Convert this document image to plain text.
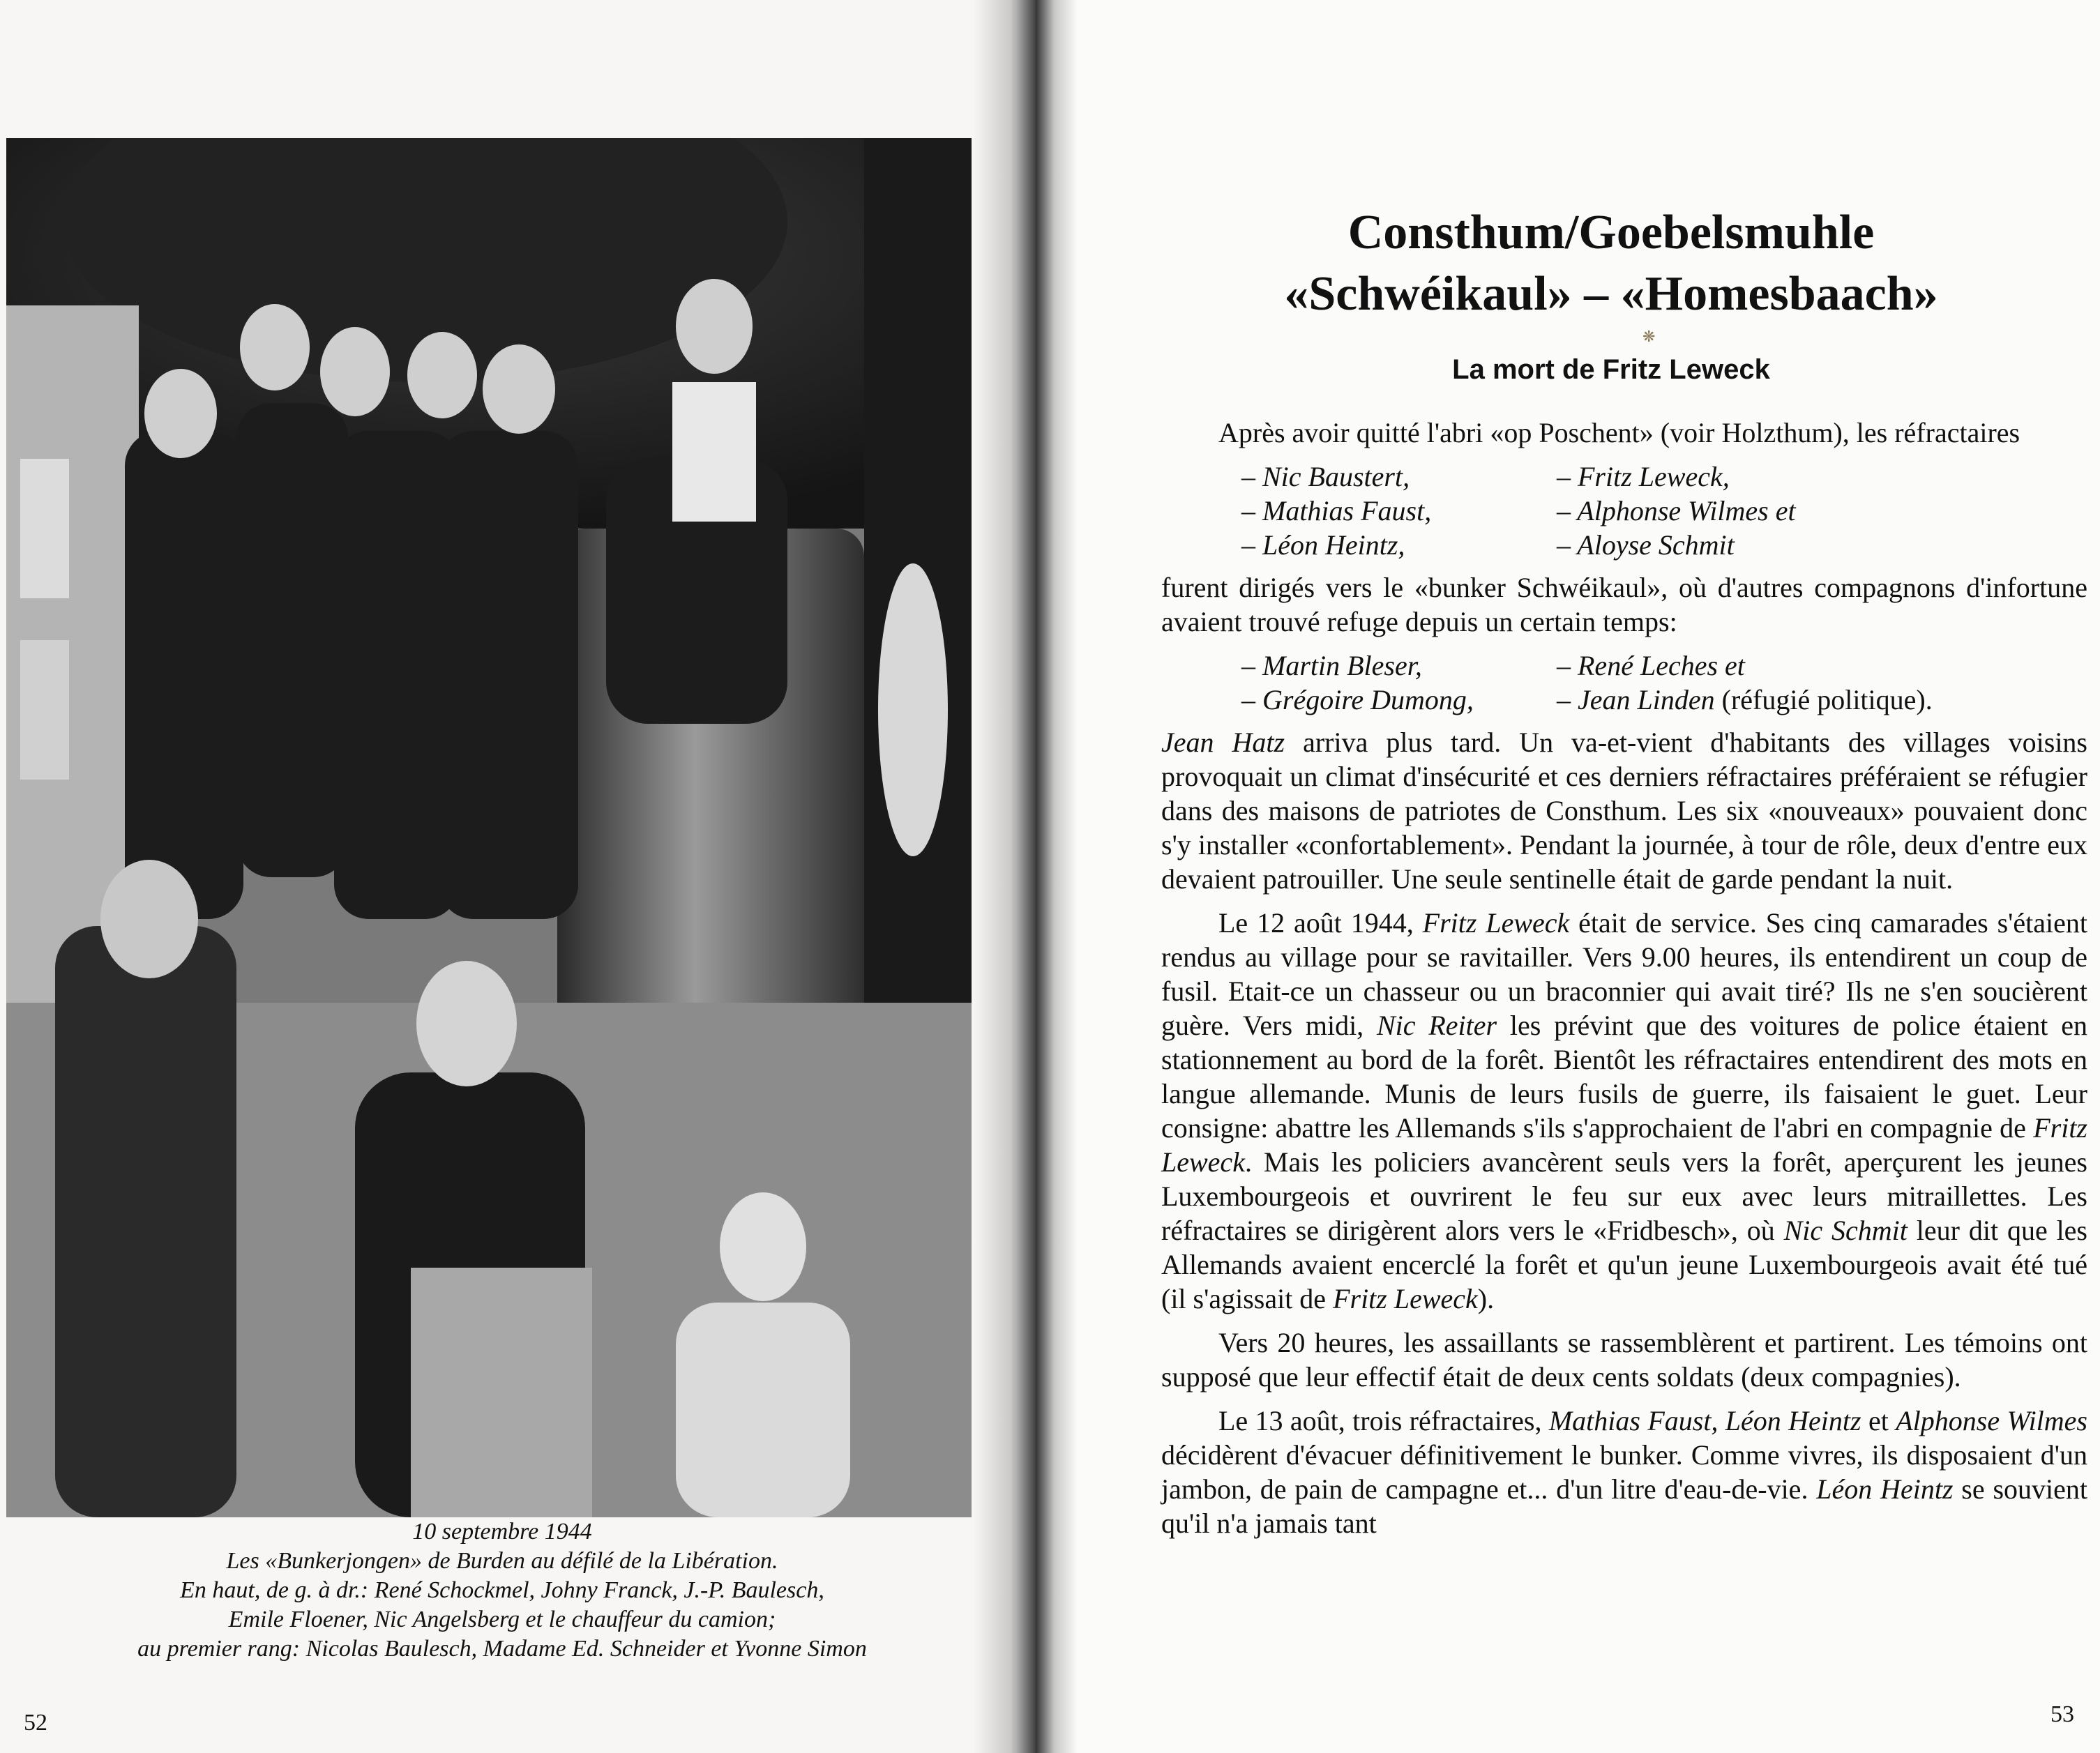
10 septembre 1944
Les «Bunkerjongen» de Burden au défilé de la Libération.
En haut, de g. à dr.: René Schockmel, Johny Franck, J.-P. Baulesch,
Emile Floener, Nic Angelsberg et le chauffeur du camion;
au premier rang: Nicolas Baulesch, Madame Ed. Schneider et Yvonne Simon
52
Consthum/Goebelsmuhle
«Schwéikaul» – «Homesbaach»
❋
La mort de Fritz Leweck

Après avoir quitté l'abri «op Poschent» (voir Holzthum), les réfractaires

– Nic Baustert,	– Fritz Leweck,
– Mathias Faust,	– Alphonse Wilmes et
– Léon Heintz,	– Aloyse Schmit

furent dirigés vers le «bunker Schwéikaul», où d'autres compagnons d'infortune avaient trouvé refuge depuis un certain temps:

– Martin Bleser,	– René Leches et
– Grégoire Dumong,	– Jean Linden (réfugié politique).

Jean Hatz arriva plus tard. Un va-et-vient d'habitants des villages voisins provoquait un climat d'insécurité et ces derniers réfractaires préféraient se réfugier dans des maisons de patriotes de Consthum. Les six «nouveaux» pouvaient donc s'y installer «confortablement». Pendant la journée, à tour de rôle, deux d'entre eux devaient patrouiller. Une seule sentinelle était de garde pendant la nuit.

Le 12 août 1944, Fritz Leweck était de service. Ses cinq camarades s'étaient rendus au village pour se ravitailler. Vers 9.00 heures, ils entendirent un coup de fusil. Etait-ce un chasseur ou un braconnier qui avait tiré? Ils ne s'en soucièrent guère. Vers midi, Nic Reiter les prévint que des voitures de police étaient en stationnement au bord de la forêt. Bientôt les réfractaires entendirent des mots en langue allemande. Munis de leurs fusils de guerre, ils faisaient le guet. Leur consigne: abattre les Allemands s'ils s'approchaient de l'abri en compagnie de Fritz Leweck. Mais les policiers avancèrent seuls vers la forêt, aperçurent les jeunes Luxembourgeois et ouvrirent le feu sur eux avec leurs mitraillettes. Les réfractaires se dirigèrent alors vers le «Fridbesch», où Nic Schmit leur dit que les Allemands avaient encerclé la forêt et qu'un jeune Luxembourgeois avait été tué (il s'agissait de Fritz Leweck).

Vers 20 heures, les assaillants se rassemblèrent et partirent. Les témoins ont supposé que leur effectif était de deux cents soldats (deux compagnies).

Le 13 août, trois réfractaires, Mathias Faust, Léon Heintz et Alphonse Wilmes décidèrent d'évacuer définitivement le bunker. Comme vivres, ils disposaient d'un jambon, de pain de campagne et... d'un litre d'eau-de-vie. Léon Heintz se souvient qu'il n'a jamais tant

53
